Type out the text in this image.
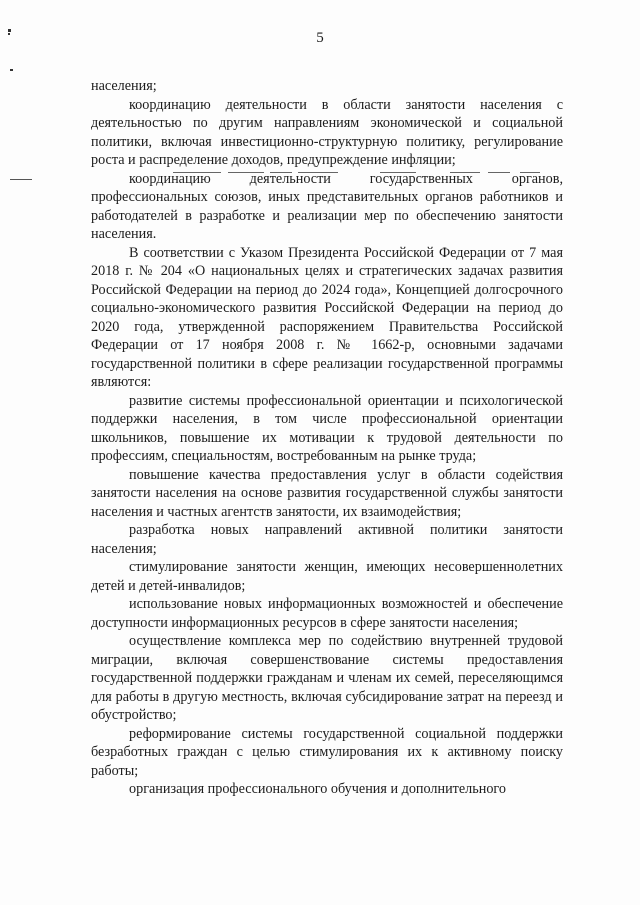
5

населения;

координацию деятельности в области занятости населения с деятельностью по другим направлениям экономической и социальной политики, включая инвестиционно-структурную политику, регулирование роста и распределение доходов, предупреждение инфляции;

координацию деятельности государственных органов, профессиональных союзов, иных представительных органов работников и работодателей в разработке и реализации мер по обеспечению занятости населения.

В соответствии с Указом Президента Российской Федерации от 7 мая 2018 г. № 204 «О национальных целях и стратегических задачах развития Российской Федерации на период до 2024 года», Концепцией долгосрочного социально-экономического развития Российской Федерации на период до 2020 года, утвержденной распоряжением Правительства Российской Федерации от 17 ноября 2008 г. № 1662-р, основными задачами государственной политики в сфере реализации государственной программы являются:

развитие системы профессиональной ориентации и психологической поддержки населения, в том числе профессиональной ориентации школьников, повышение их мотивации к трудовой деятельности по профессиям, специальностям, востребованным на рынке труда;

повышение качества предоставления услуг в области содействия занятости населения на основе развития государственной службы занятости населения и частных агентств занятости, их взаимодействия;

разработка новых направлений активной политики занятости населения;

стимулирование занятости женщин, имеющих несовершеннолетних детей и детей-инвалидов;

использование новых информационных возможностей и обеспечение доступности информационных ресурсов в сфере занятости населения;

осуществление комплекса мер по содействию внутренней трудовой миграции, включая совершенствование системы предоставления государственной поддержки гражданам и членам их семей, переселяющимся для работы в другую местность, включая субсидирование затрат на переезд и обустройство;

реформирование системы государственной социальной поддержки безработных граждан с целью стимулирования их к активному поиску работы;

организация профессионального обучения и дополнительного
